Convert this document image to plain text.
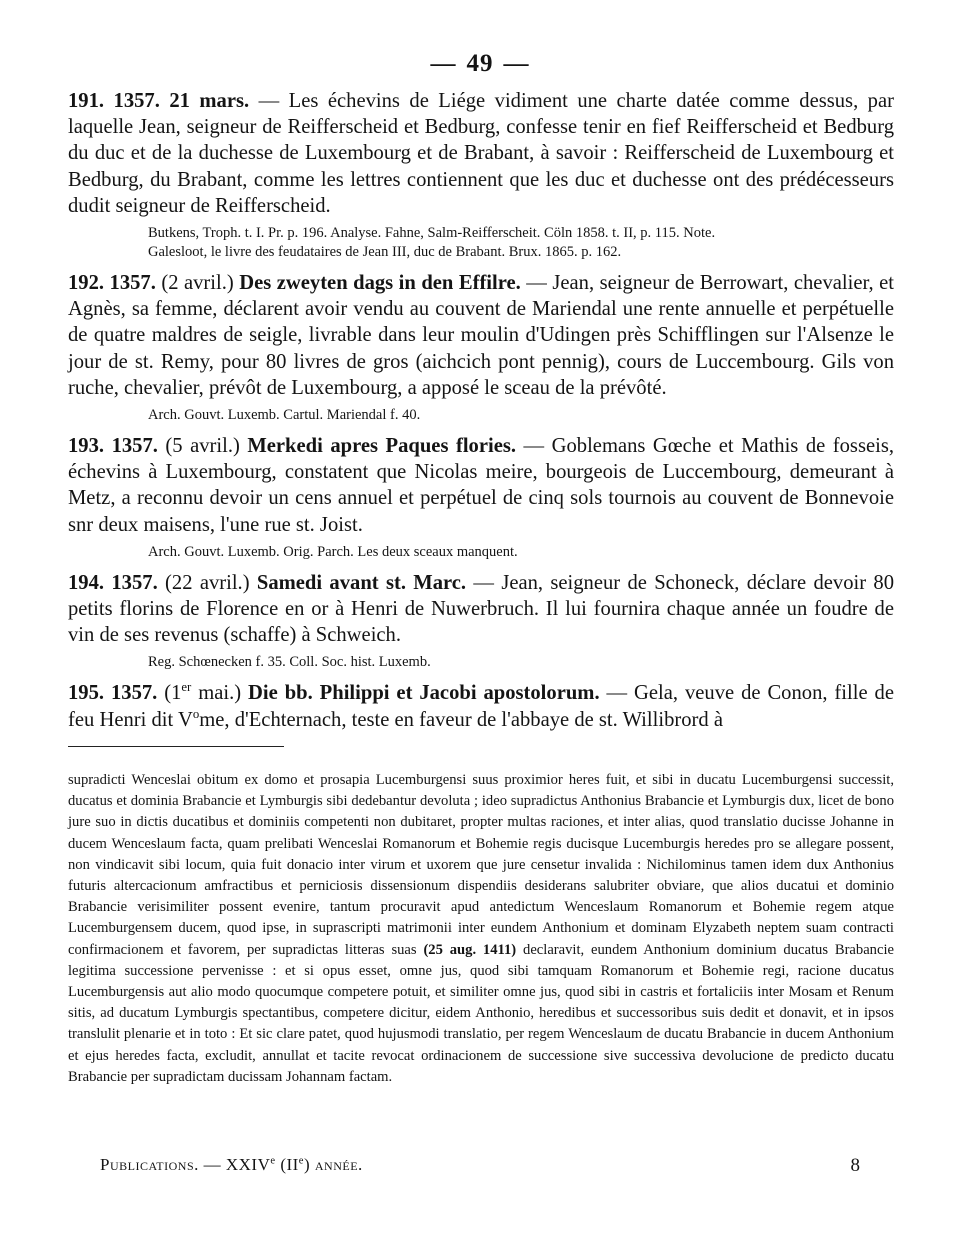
— 49 —

191. 1357. 21 mars. — Les échevins de Liége vidiment une charte datée comme dessus, par laquelle Jean, seigneur de Reifferscheid et Bedburg, confesse tenir en fief Reifferscheid et Bedburg du duc et de la duchesse de Luxembourg et de Brabant, à savoir : Reifferscheid de Luxembourg et Bedburg, du Brabant, comme les lettres contiennent que les duc et duchesse ont des prédécesseurs dudit seigneur de Reifferscheid.

Butkens, Troph. t. I. Pr. p. 196. Analyse. Fahne, Salm-Reifferscheit. Cöln 1858. t. II, p. 115. Note.
Galesloot, le livre des feudataires de Jean III, duc de Brabant. Brux. 1865. p. 162.

192. 1357. (2 avril.) Des zweyten dags in den Effilre. — Jean, seigneur de Berrowart, chevalier, et Agnès, sa femme, déclarent avoir vendu au couvent de Mariendal une rente annuelle et perpétuelle de quatre maldres de seigle, livrable dans leur moulin d'Udingen près Schifflingen sur l'Alsenze le jour de st. Remy, pour 80 livres de gros (aichcich pont pennig), cours de Luccembourg. Gils von ruche, chevalier, prévôt de Luxembourg, a apposé le sceau de la prévôté.

Arch. Gouvt. Luxemb. Cartul. Mariendal f. 40.

193. 1357. (5 avril.) Merkedi apres Paques flories. — Goblemans Gœche et Mathis de fosseis, échevins à Luxembourg, constatent que Nicolas meire, bourgeois de Luccembourg, demeurant à Metz, a reconnu devoir un cens annuel et perpétuel de cinq sols tournois au couvent de Bonnevoie snr deux maisens, l'une rue st. Joist.

Arch. Gouvt. Luxemb. Orig. Parch. Les deux sceaux manquent.

194. 1357. (22 avril.) Samedi avant st. Marc. — Jean, seigneur de Schoneck, déclare devoir 80 petits florins de Florence en or à Henri de Nuwerbruch. Il lui fournira chaque année un foudre de vin de ses revenus (schaffe) à Schweich.

Reg. Schœnecken f. 35. Coll. Soc. hist. Luxemb.

195. 1357. (1er mai.) Die bb. Philippi et Jacobi apostolorum. — Gela, veuve de Conon, fille de feu Henri dit $V^ome$, d'Echternach, teste en faveur de l'abbaye de st. Willibrord à

supradicti Wenceslai obitum ex domo et prosapia Lucemburgensi suus proximior heres fuit, et sibi in ducatu Lucemburgensi successit, ducatus et dominia Brabancie et Lymburgis sibi dedebantur devoluta ; ideo supradictus Anthonius Brabancie et Lymburgis dux, licet de bono jure suo in dictis ducatibus et dominiis competenti non dubitaret, propter multas raciones, et inter alias, quod translatio ducisse Johanne in ducem Wenceslaum facta, quam prelibati Wenceslai Romanorum et Bohemie regis ducisque Lucemburgis heredes pro se allegare possent, non vindicavit sibi locum, quia fuit donacio inter virum et uxorem que jure censetur invalida : Nichilominus tamen idem dux Anthonius futuris altercacionum amfractibus et perniciosis dissensionum dispendiis desiderans salubriter obviare, que alios ducatui et dominio Brabancie verisimiliter possent evenire, tantum procuravit apud antedictum Wenceslaum Romanorum et Bohemie regem atque Lucemburgensem ducem, quod ipse, in suprascripti matrimonii inter eundem Anthonium et dominam Elyzabeth neptem suam contracti confirmacionem et favorem, per supradictas litteras suas (25 aug. 1411) declaravit, eundem Anthonium dominium ducatus Brabancie legitima successione pervenisse : et si opus esset, omne jus, quod sibi tamquam Romanorum et Bohemie regi, racione ducatus Lucemburgensis aut alio modo quocumque competere potuit, et similiter omne jus, quod sibi in castris et fortaliciis inter Mosam et Renum sitis, ad ducatum Lymburgis spectantibus, competere dicitur, eidem Anthonio, heredibus et successoribus suis dedit et donavit, et in ipsos translulit plenarie et in toto : Et sic clare patet, quod hujusmodi translatio, per regem Wenceslaum de ducatu Brabancie in ducem Anthonium et ejus heredes facta, excludit, annullat et tacite revocat ordinacionem de successione sive successiva devolucione de predicto ducatu Brabancie per supradictam ducissam Johannam factam.

Publications. — XXIVe (IIe) année.	8
